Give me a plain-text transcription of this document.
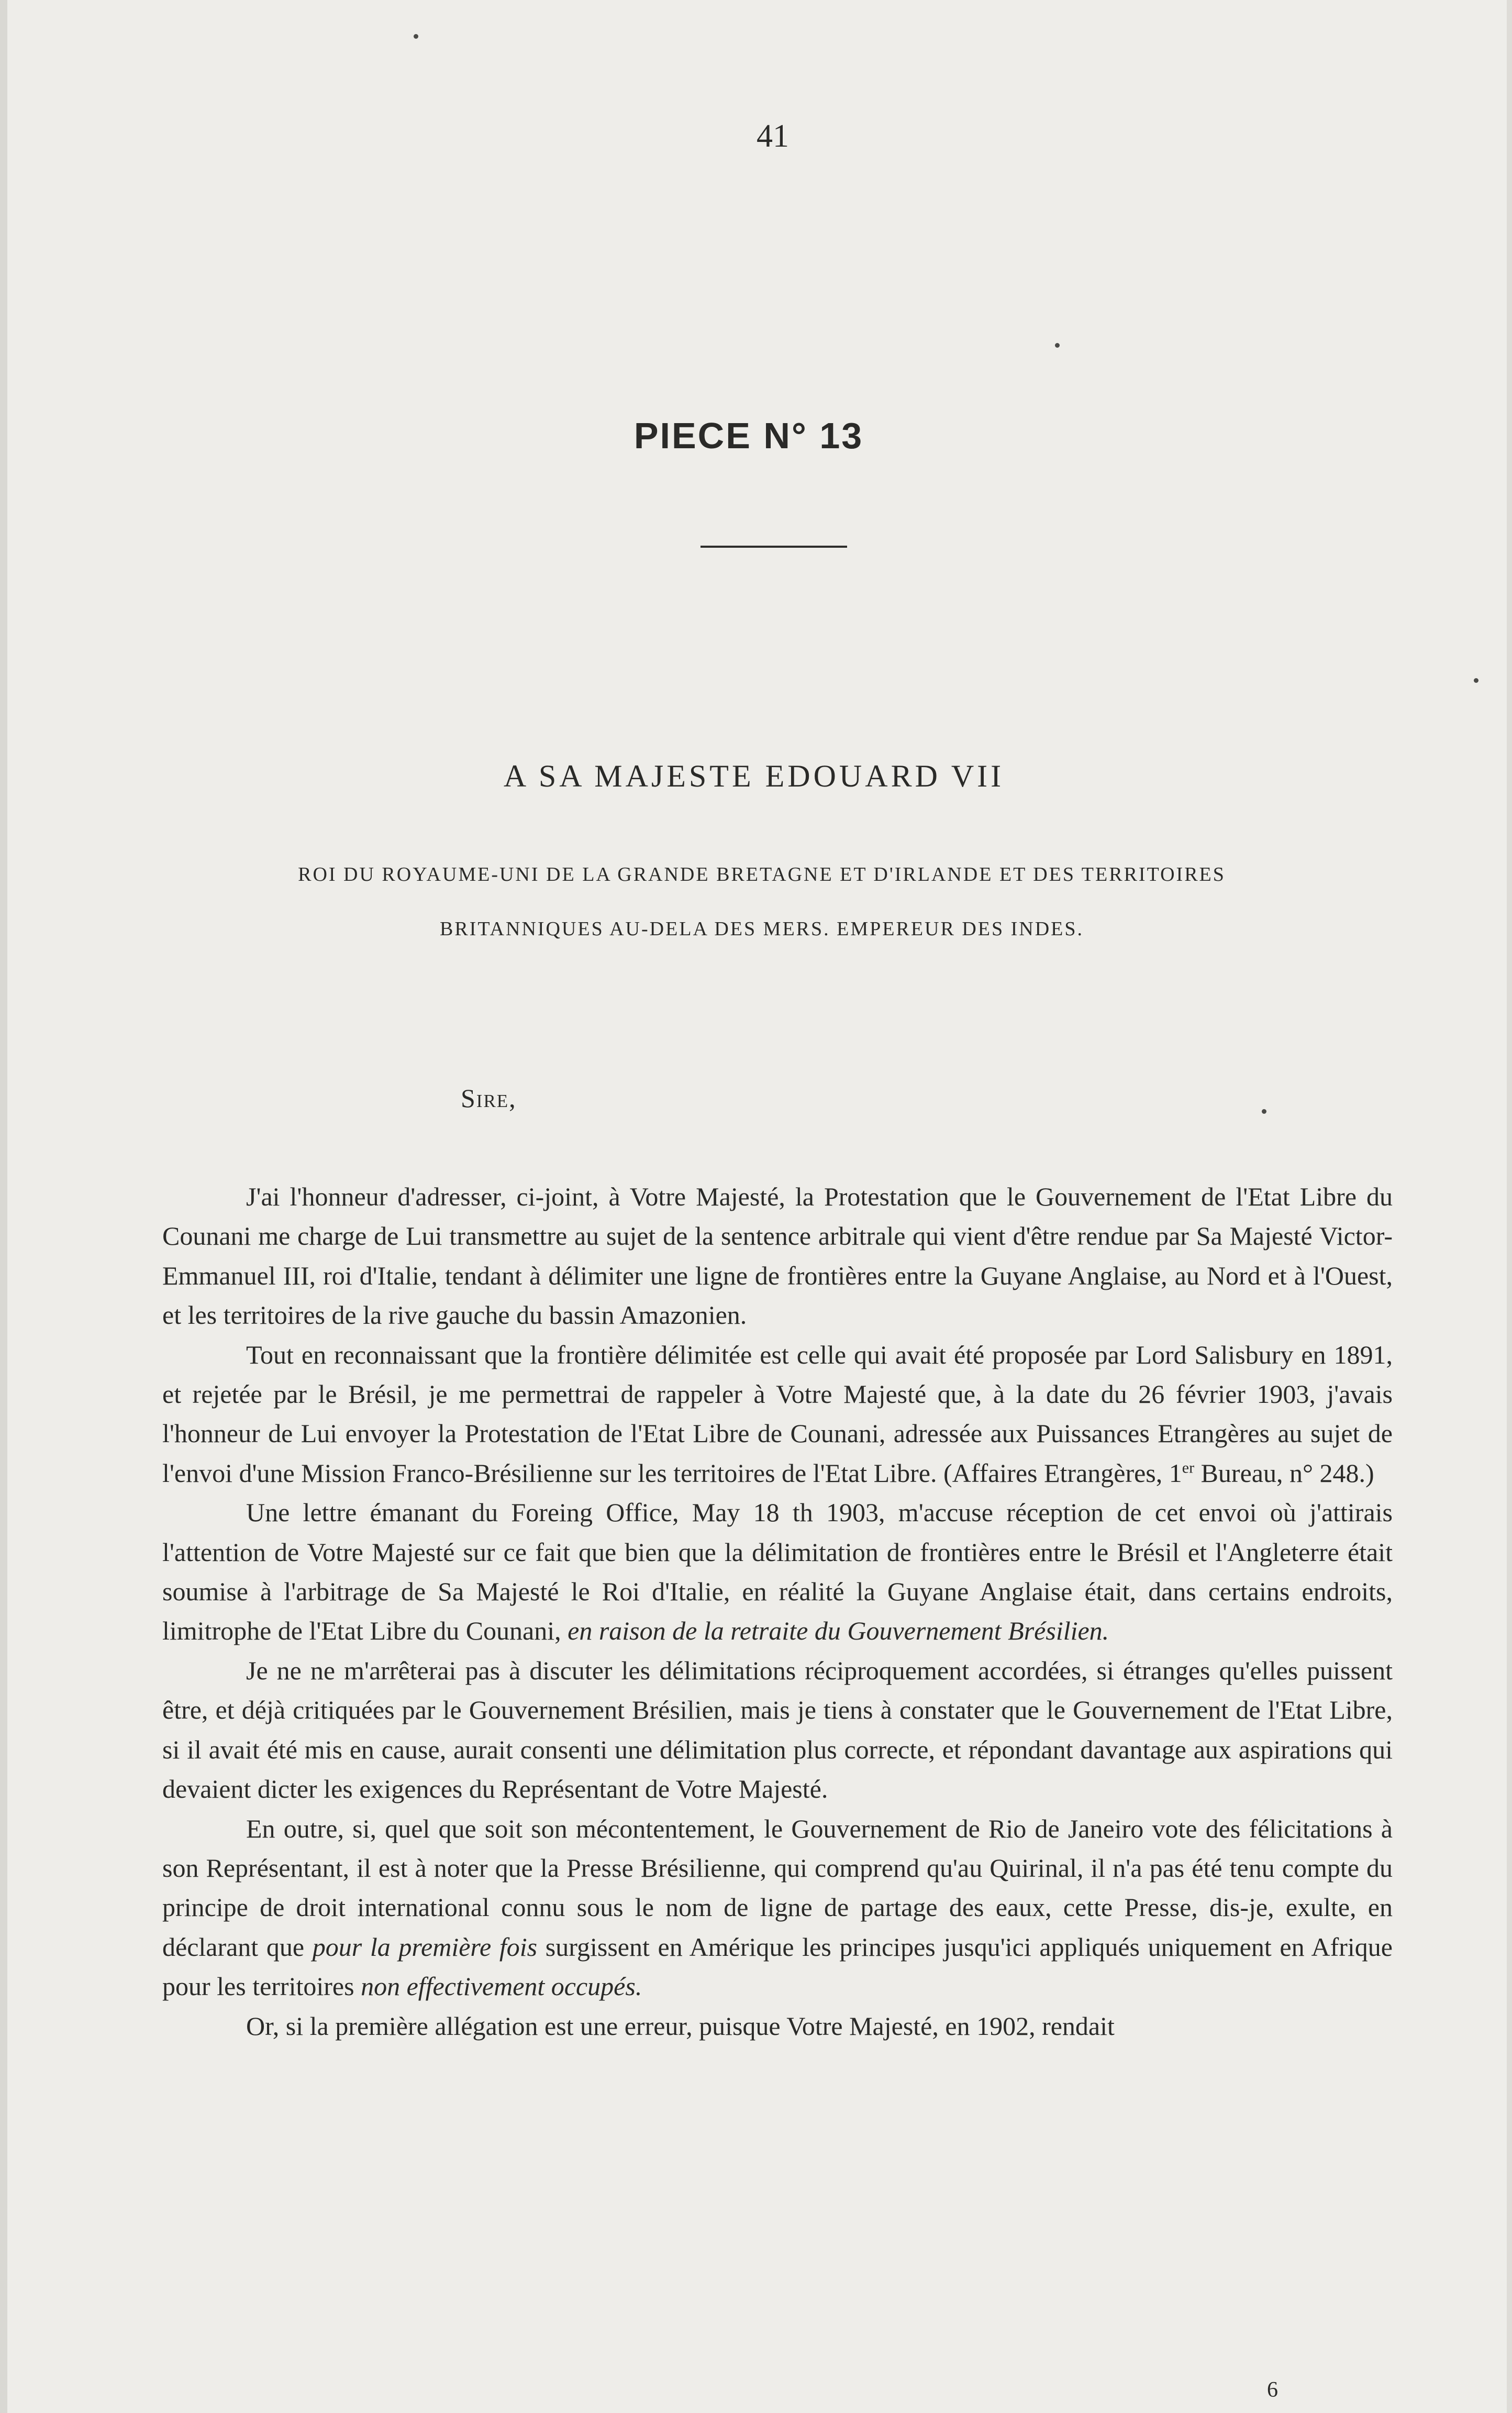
41
PIECE N° 13
A SA MAJESTE EDOUARD VII
ROI DU ROYAUME-UNI DE LA GRANDE BRETAGNE ET D'IRLANDE ET DES TERRITOIRES
BRITANNIQUES AU-DELA DES MERS. EMPEREUR DES INDES.
Sire,

J'ai l'honneur d'adresser, ci-joint, à Votre Majesté, la Protestation que le Gouvernement de l'Etat Libre du Counani me charge de Lui transmettre au sujet de la sentence arbitrale qui vient d'être rendue par Sa Majesté Victor-Emmanuel III, roi d'Italie, tendant à délimiter une ligne de frontières entre la Guyane Anglaise, au Nord et à l'Ouest, et les territoires de la rive gauche du bassin Amazonien.

Tout en reconnaissant que la frontière délimitée est celle qui avait été proposée par Lord Salisbury en 1891, et rejetée par le Brésil, je me permettrai de rappeler à Votre Majesté que, à la date du 26 février 1903, j'avais l'honneur de Lui envoyer la Protestation de l'Etat Libre de Counani, adressée aux Puissances Etrangères au sujet de l'envoi d'une Mission Franco-Brésilienne sur les territoires de l'Etat Libre. (Affaires Etrangères, 1er Bureau, n° 248.)

Une lettre émanant du Foreing Office, May 18 th 1903, m'accuse réception de cet envoi où j'attirais l'attention de Votre Majesté sur ce fait que bien que la délimitation de frontières entre le Brésil et l'Angleterre était soumise à l'arbitrage de Sa Majesté le Roi d'Italie, en réalité la Guyane Anglaise était, dans certains endroits, limitrophe de l'Etat Libre du Counani, en raison de la retraite du Gouvernement Brésilien.

Je ne ne m'arrêterai pas à discuter les délimitations réciproquement accordées, si étranges qu'elles puissent être, et déjà critiquées par le Gouvernement Brésilien, mais je tiens à constater que le Gouvernement de l'Etat Libre, si il avait été mis en cause, aurait consenti une délimitation plus correcte, et répondant davantage aux aspirations qui devaient dicter les exigences du Représentant de Votre Majesté.

En outre, si, quel que soit son mécontentement, le Gouvernement de Rio de Janeiro vote des félicitations à son Représentant, il est à noter que la Presse Brésilienne, qui comprend qu'au Quirinal, il n'a pas été tenu compte du principe de droit international connu sous le nom de ligne de partage des eaux, cette Presse, dis-je, exulte, en déclarant que pour la première fois surgissent en Amérique les principes jusqu'ici appliqués uniquement en Afrique pour les territoires non effectivement occupés.

Or, si la première allégation est une erreur, puisque Votre Majesté, en 1902, rendait

6
